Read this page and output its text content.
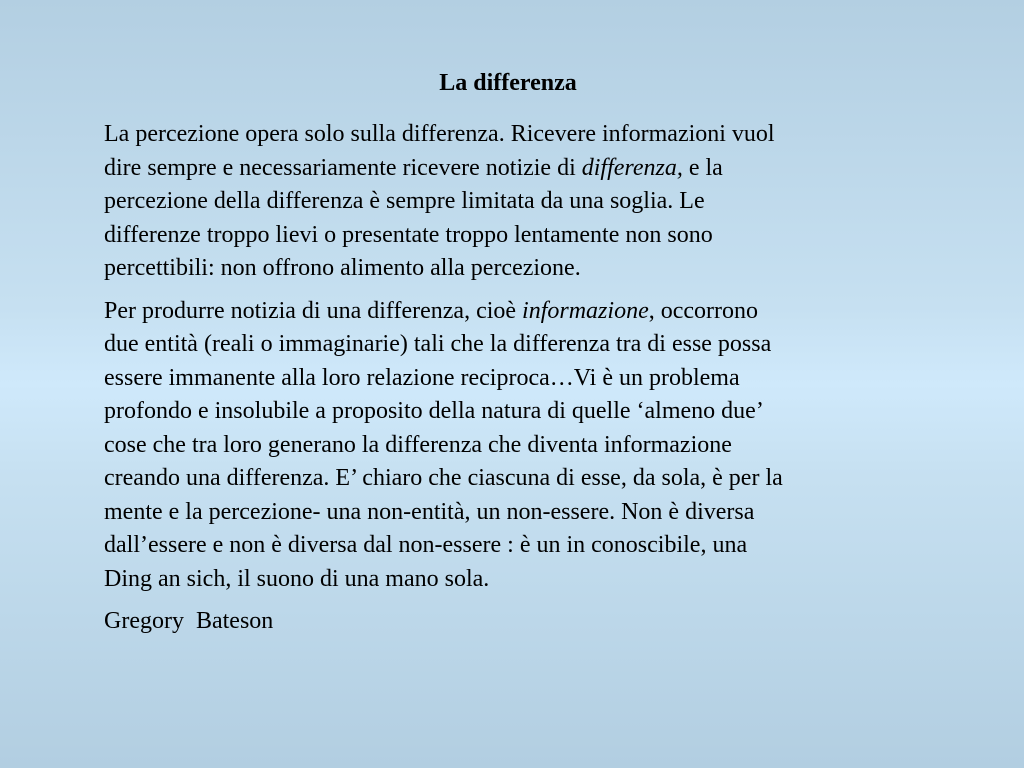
La differenza

La percezione opera solo sulla differenza. Ricevere informazioni vuol
dire sempre e necessariamente ricevere notizie di differenza, e la
percezione della differenza è sempre limitata da una soglia. Le
differenze troppo lievi o presentate troppo lentamente non sono
percettibili: non offrono alimento alla percezione.

Per produrre notizia di una differenza, cioè informazione, occorrono
due entità (reali o immaginarie) tali che la differenza tra di esse possa
essere immanente alla loro relazione reciproca…Vi è un problema
profondo e insolubile a proposito della natura di quelle ‘almeno due’
cose che tra loro generano la differenza che diventa informazione
creando una differenza. E’ chiaro che ciascuna di esse, da sola, è per la
mente e la percezione- una non-entità, un non-essere. Non è diversa
dall’essere e non è diversa dal non-essere : è un in conoscibile, una
Ding an sich, il suono di una mano sola.

Gregory  Bateson
